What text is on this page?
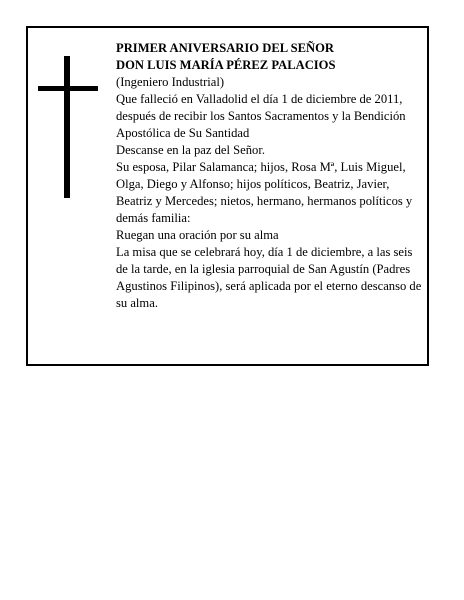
PRIMER ANIVERSARIO DEL SEÑOR

DON LUIS MARÍA PÉREZ PALACIOS

(Ingeniero Industrial)

Que falleció en Valladolid el día 1 de diciembre de 2011, después de recibir los Santos Sacramentos y la Bendición Apostólica de Su Santidad

Descanse en la paz del Señor.

Su esposa, Pilar Salamanca; hijos, Rosa Mª, Luis Miguel, Olga, Diego y Alfonso; hijos políticos, Beatriz, Javier, Beatriz y Mercedes; nietos, hermano, hermanos políticos y demás familia:

Ruegan una oración por su alma

La misa que se celebrará hoy, día 1 de diciembre, a las seis de la tarde, en la iglesia parroquial de San Agustín (Padres Agustinos Filipinos), será aplicada por el eterno descanso de su alma.
